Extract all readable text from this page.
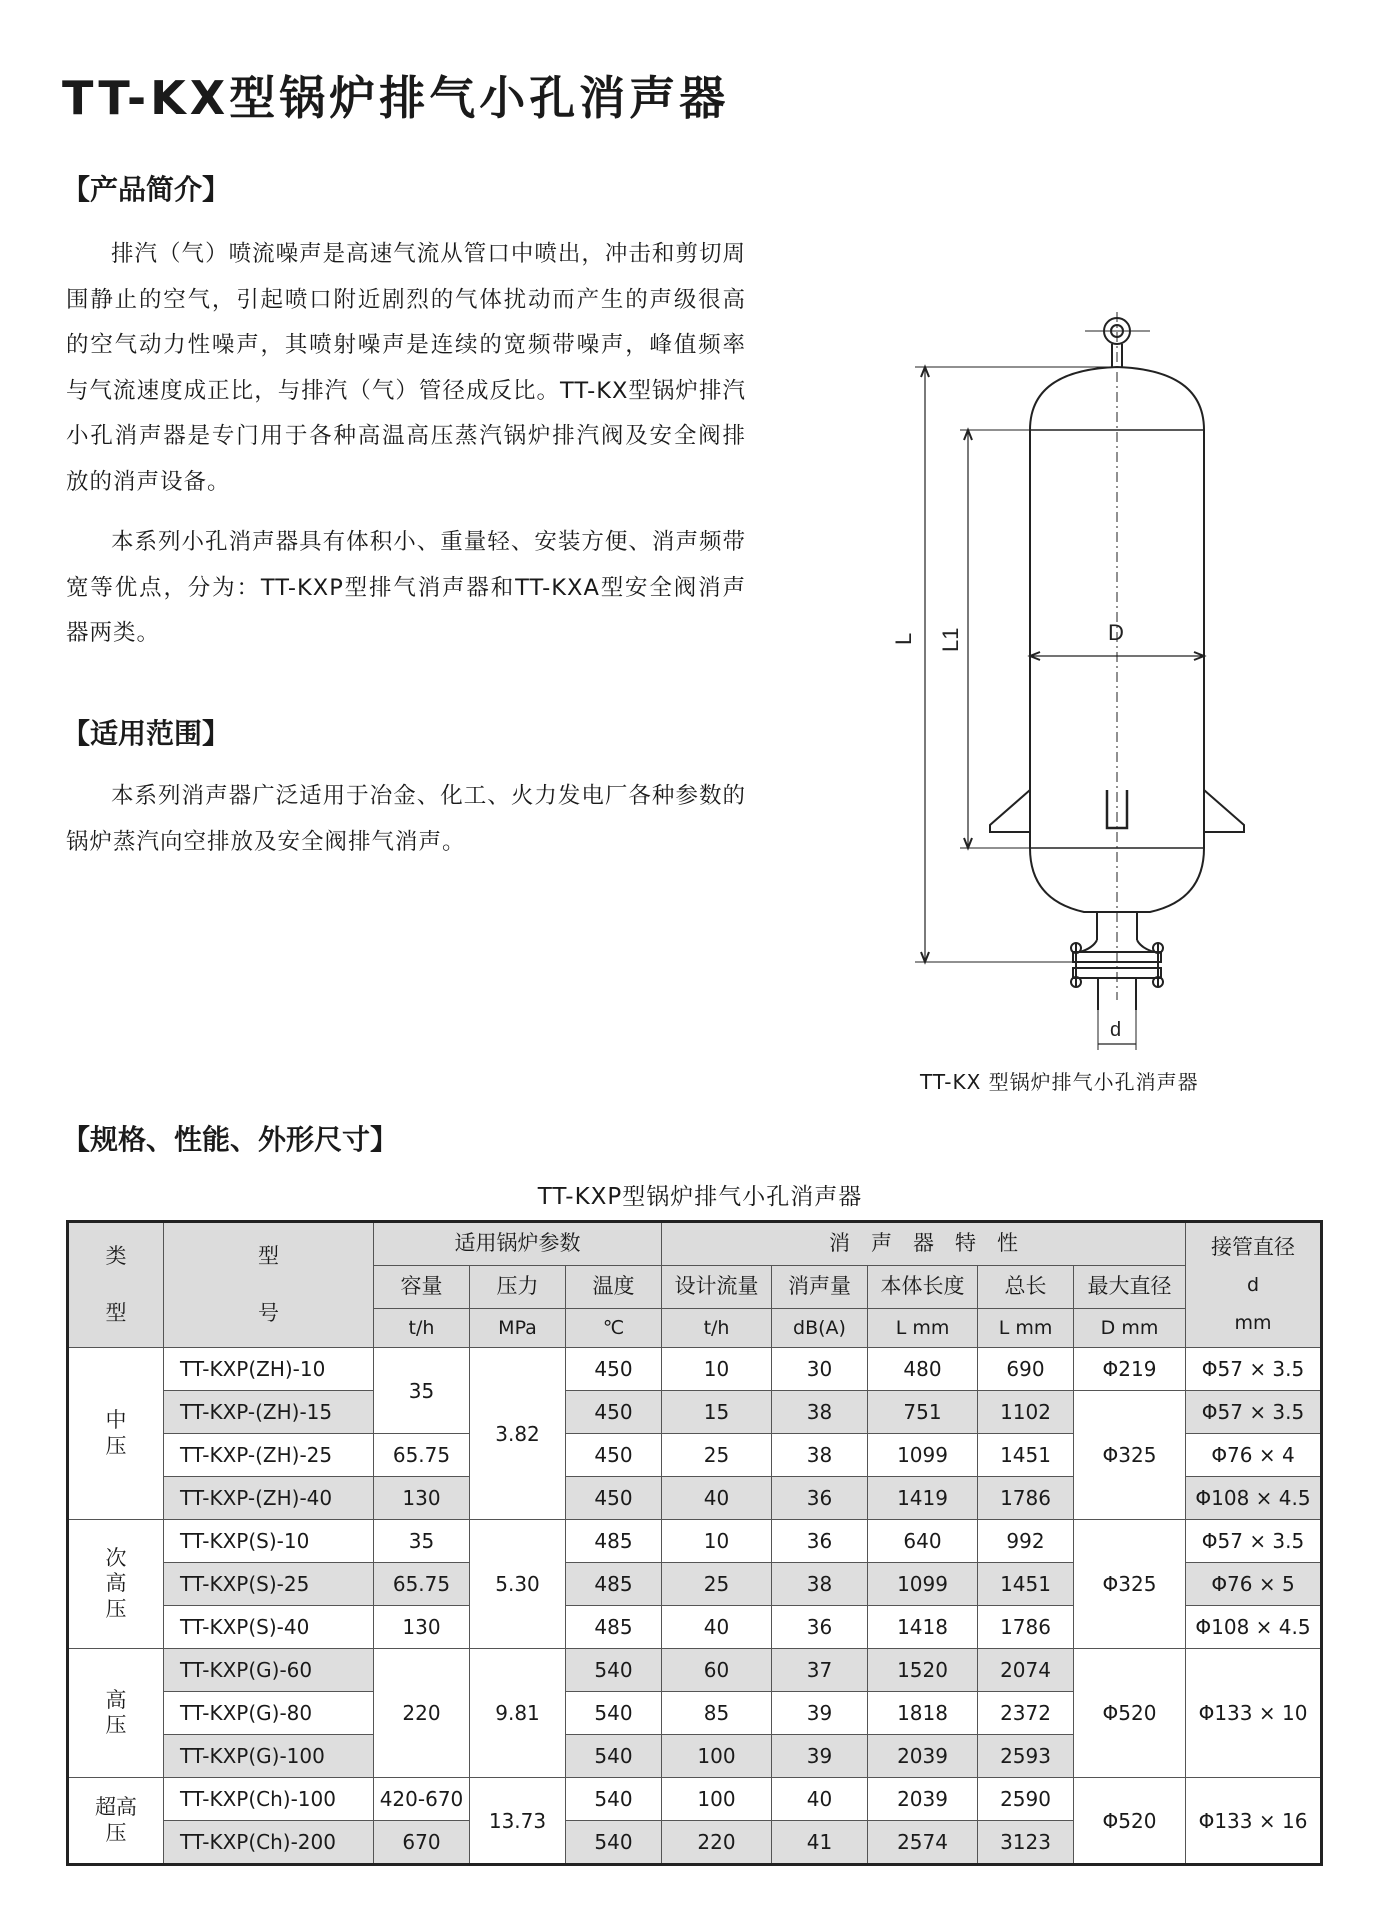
TT-KX型锅炉排气小孔消声器
【产品简介】

排汽（气）喷流噪声是高速气流从管口中喷出，冲击和剪切周围静止的空气，引起喷口附近剧烈的气体扰动而产生的声级很高的空气动力性噪声，其喷射噪声是连续的宽频带噪声，峰值频率与气流速度成正比，与排汽（气）管径成反比。TT-KX型锅炉排汽小孔消声器是专门用于各种高温高压蒸汽锅炉排汽阀及安全阀排放的消声设备。

本系列小孔消声器具有体积小、重量轻、安装方便、消声频带宽等优点，分为：TT-KXP型排气消声器和TT-KXA型安全阀消声器两类。

【适用范围】

本系列消声器广泛适用于冶金、化工、火力发电厂各种参数的锅炉蒸汽向空排放及安全阀排气消声。

L L1	D
d

TT-KX 型锅炉排气小孔消声器

【规格、性能、外形尺寸】

TT-KXP型锅炉排气小孔消声器

类
型	型
号	适用锅炉参数			消　声　器　特　性					接管直径
d
mm

		容量	压力	温度	设计流量	消声量	本体长度	总长	最大直径	
		t/h	MPa	℃	t/h	dB(A)	L mm	L mm	D mm	

中
压	TT-KXP(ZH)-10	35	3.82	450	10	30	480	690	Φ219	Φ57 × 3.5
	TT-KXP-(ZH)-15			450	15	38	751	1102	Φ325	Φ57 × 3.5
	TT-KXP-(ZH)-25	65.75		450	25	38	1099	1451		Φ76 × 4
	TT-KXP-(ZH)-40	130		450	40	36	1419	1786		Φ108 × 4.5

次
高
压	TT-KXP(S)-10	35	5.30	485	10	36	640	992	Φ325	Φ57 × 3.5
	TT-KXP(S)-25	65.75		485	25	38	1099	1451		Φ76 × 5
	TT-KXP(S)-40	130		485	40	36	1418	1786		Φ108 × 4.5

高
压	TT-KXP(G)-60	220	9.81	540	60	37	1520	2074	Φ520	Φ133 × 10
	TT-KXP(G)-80			540	85	39	1818	2372		
	TT-KXP(G)-100			540	100	39	2039	2593		

超高
压	TT-KXP(Ch)-100	420-670	13.73	540	100	40	2039	2590	Φ520	Φ133 × 16
	TT-KXP(Ch)-200	670		540	220	41	2574	3123		
